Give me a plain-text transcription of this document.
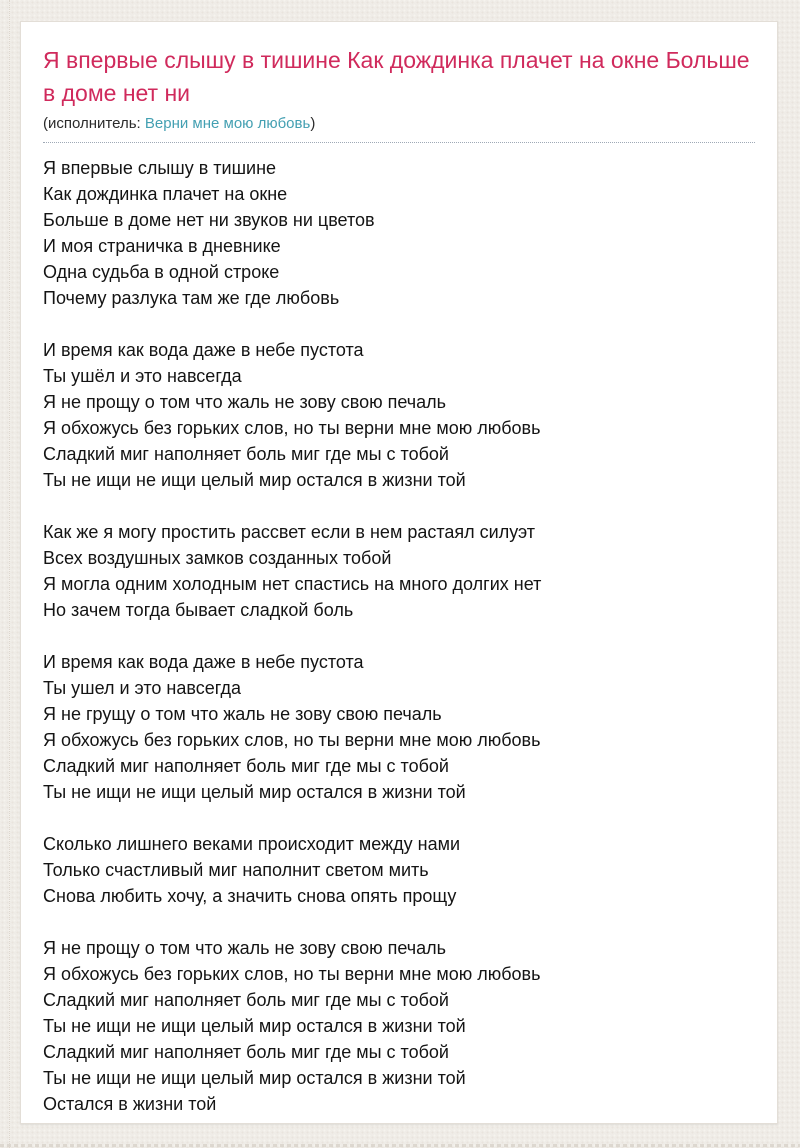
Я впервые слышу в тишине Как дождинка плачет на окне Больше в доме нет ни
(исполнитель: Верни мне мою любовь)
Я впервые слышу в тишине
Как дождинка плачет на окне
Больше в доме нет ни звуков ни цветов
И моя страничка в дневнике
Одна судьба в одной строке
Почему разлука там же где любовь
И время как вода даже в небе пустота
Ты ушёл и это навсегда
Я не прощу о том что жаль не зову свою печаль
Я обхожусь без горьких слов, но ты верни мне мою любовь
Сладкий миг наполняет боль миг где мы с тобой
Ты не ищи не ищи целый мир остался в жизни той
Как же я могу простить рассвет если в нем растаял силуэт
Всех воздушных замков созданных тобой
Я могла одним холодным нет спастись на много долгих нет
Но зачем тогда бывает сладкой боль
И время как вода даже в небе пустота
Ты ушел и это навсегда
Я не грущу о том что жаль не зову свою печаль
Я обхожусь без горьких слов, но ты верни мне мою любовь
Сладкий миг наполняет боль миг где мы с тобой
Ты не ищи не ищи целый мир остался в жизни той
Сколько лишнего веками происходит между нами
Только счастливый миг наполнит светом мить
Снова любить хочу, а значить снова опять прощу
Я не прощу о том что жаль не зову свою печаль
Я обхожусь без горьких слов, но ты верни мне мою любовь
Сладкий миг наполняет боль миг где мы с тобой
Ты не ищи не ищи целый мир остался в жизни той
Сладкий миг наполняет боль миг где мы с тобой
Ты не ищи не ищи целый мир остался в жизни той
Остался в жизни той
